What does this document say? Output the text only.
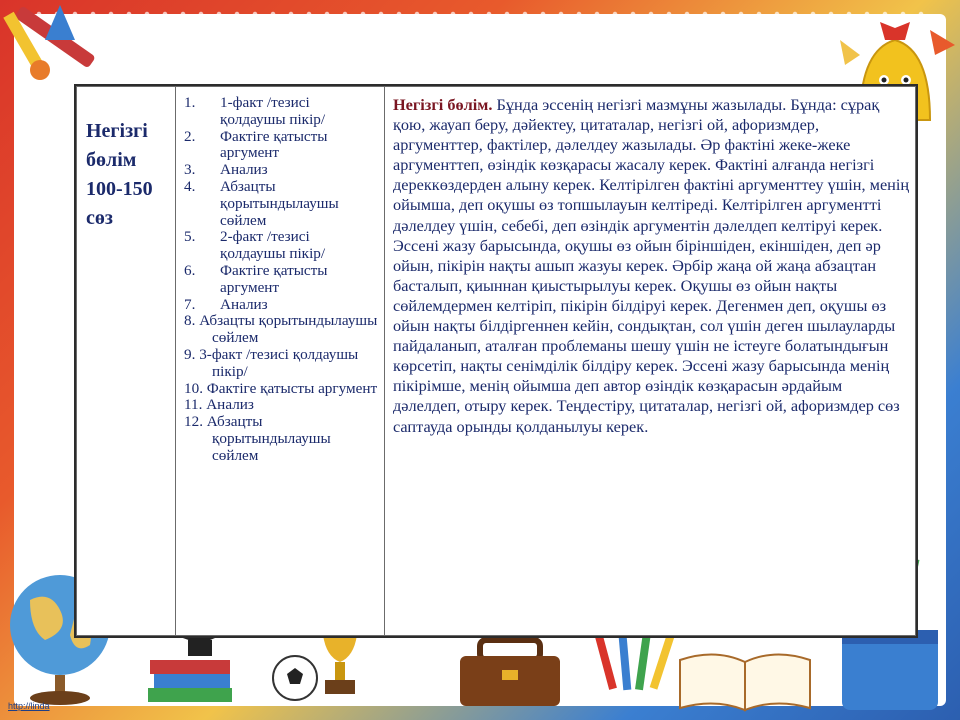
Негізгі
бөлім
100-150
сөз

1. 1-факт /тезисі қолдаушы пікір/
2. Фактіге қатысты аргумент
3. Анализ
4. Абзацты қорытындылаушы сөйлем
5. 2-факт /тезисі қолдаушы пікір/
6. Фактіге қатысты аргумент
7. Анализ
8. Абзацты қорытындылаушы сөйлем
9. 3-факт /тезисі қолдаушы пікір/
10. Фактіге қатысты аргумент
11. Анализ
12. Абзацты қорытындылаушы сөйлем

Негізгі бөлім. Бұнда эссенің негізгі мазмұны жазылады. Бұнда: сұрақ қою, жауап беру, дәйектеу, цитаталар, негізгі ой, афоризмдер, аргументтер, фактілер, дәлелдеу жазылады. Әр фактіні жеке-жеке аргументтеп, өзіндік көзқарасы жасалу керек. Фактіні алғанда негізгі дереккөздерден алыну керек. Келтірілген фактіні аргументтеу үшін, менің ойымша, деп оқушы өз топшылауын келтіреді. Келтірілген аргументті дәлелдеу үшін, себебі, деп өзіндік аргументін дәлелдеп келтіруі керек. Эссені жазу барысында, оқушы өз ойын біріншіден, екіншіден, деп әр ойын, пікірін нақты ашып жазуы керек. Әрбір жаңа ой жаңа абзацтан басталып, қиыннан қиыстырылуы керек. Оқушы өз ойын нақты сөйлемдермен келтіріп, пікірін білдіруі керек. Дегенмен деп, оқушы өз ойын нақты білдіргеннен кейін, сондықтан, сол үшін деген шылауларды пайдаланып, аталған проблеманы шешу үшін не істеуге болатындығын көрсетіп, нақты сенімділік білдіру керек. Эссені жазу барысында менің пікірімше, менің ойымша деп автор өзіндік көзқарасын әрдайым дәлелдеп, отыру керек. Теңдестіру, цитаталар, негізгі ой, афоризмдер сөз саптауда орынды қолданылуы керек.
http://linda
